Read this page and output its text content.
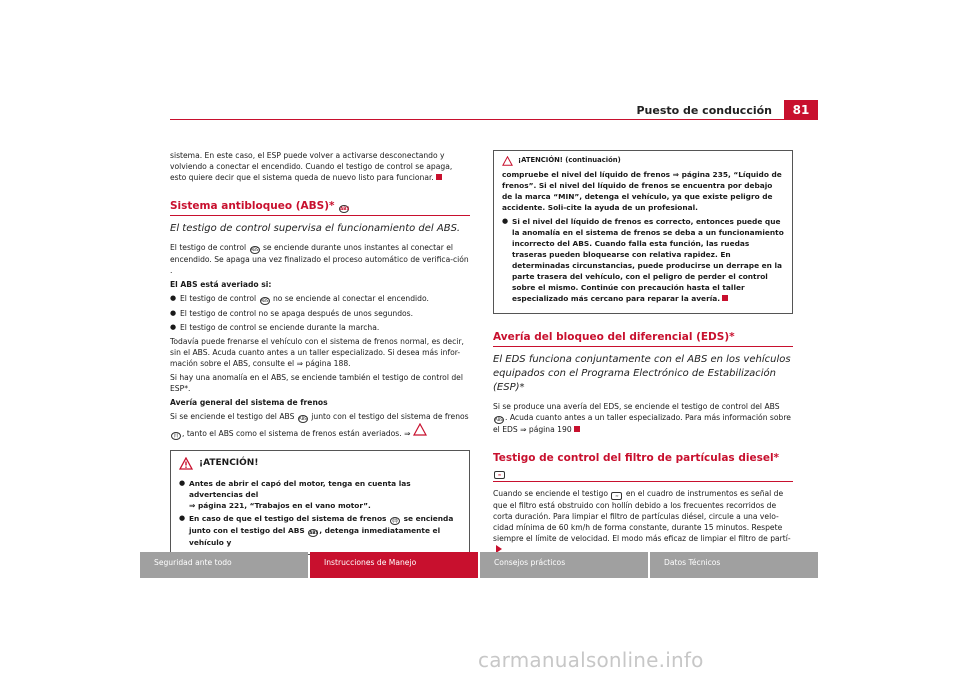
Puesto de conducción	81

sistema. En este caso, el ESP puede volver a activarse desconectando y volviendo a conectar el encendido. Cuando el testigo de control se apaga, esto quiere decir que el sistema queda de nuevo listo para funcionar.

Sistema antibloqueo (ABS)* ABS
El testigo de control supervisa el funcionamiento del ABS.

El testigo de control ABS se enciende durante unos instantes al conectar el encendido. Se apaga una vez finalizado el proceso automático de verifica-ción .

El ABS está averiado si:

● El testigo de control ABS no se enciende al conectar el encendido.
● El testigo de control no se apaga después de unos segundos.
● El testigo de control se enciende durante la marcha.

Todavía puede frenarse el vehículo con el sistema de frenos normal, es decir, sin el ABS. Acuda cuanto antes a un taller especializado. Si desea más infor-mación sobre el ABS, consulte el ⇒ página 188.

Si hay una anomalía en el ABS, se enciende también el testigo de control del ESP*.

Avería general del sistema de frenos

Si se enciende el testigo del ABS ABS junto con el testigo del sistema de frenos (!) , tanto el ABS como el sistema de frenos están averiados. ⇒

¡ATENCIÓN!
● Antes de abrir el capó del motor, tenga en cuenta las advertencias del
⇒ página 221, “Trabajos en el vano motor”.
● En caso de que el testigo del sistema de frenos (!) se encienda junto con el testigo del ABS ABS, detenga inmediatamente el vehículo y
¡ATENCIÓN! (continuación)

compruebe el nivel del líquido de frenos ⇒ página 235, “Líquido de frenos”. Si el nivel del líquido de frenos se encuentra por debajo de la marca “MIN”, detenga el vehículo, ya que existe peligro de accidente. Soli-cite la ayuda de un profesional.

● Si el nivel del líquido de frenos es correcto, entonces puede que la anomalía en el sistema de frenos se deba a un funcionamiento incorrecto del ABS. Cuando falla esta función, las ruedas traseras pueden bloquearse con relativa rapidez. En determinadas circunstancias, puede producirse un derrape en la parte trasera del vehículo, con el peligro de perder el control sobre el mismo. Continúe con precaución hasta el taller especializado más cercano para reparar la avería.
Avería del bloqueo del diferencial (EDS)*
El EDS funciona conjuntamente con el ABS en los vehículos equipados con el Programa Electrónico de Estabilización (ESP)*

Si se produce una avería del EDS, se enciende el testigo de control del ABS ABS . Acuda cuanto antes a un taller especializado. Para más información sobre el EDS ⇒ página 190

Testigo de control del filtro de partículas diesel* ≈

Cuando se enciende el testigo ≈ en el cuadro de instrumentos es señal de que el filtro está obstruido con hollín debido a los frecuentes recorridos de corta duración. Para limpiar el filtro de partículas diésel, circule a una velo-cidad mínima de 60 km/h de forma constante, durante 15 minutos. Respete siempre el límite de velocidad. El modo más eficaz de limpiar el filtro de partí-

Seguridad ante todo	Instrucciones de Manejo	Consejos prácticos	Datos Técnicos
carmanualsonline.info
